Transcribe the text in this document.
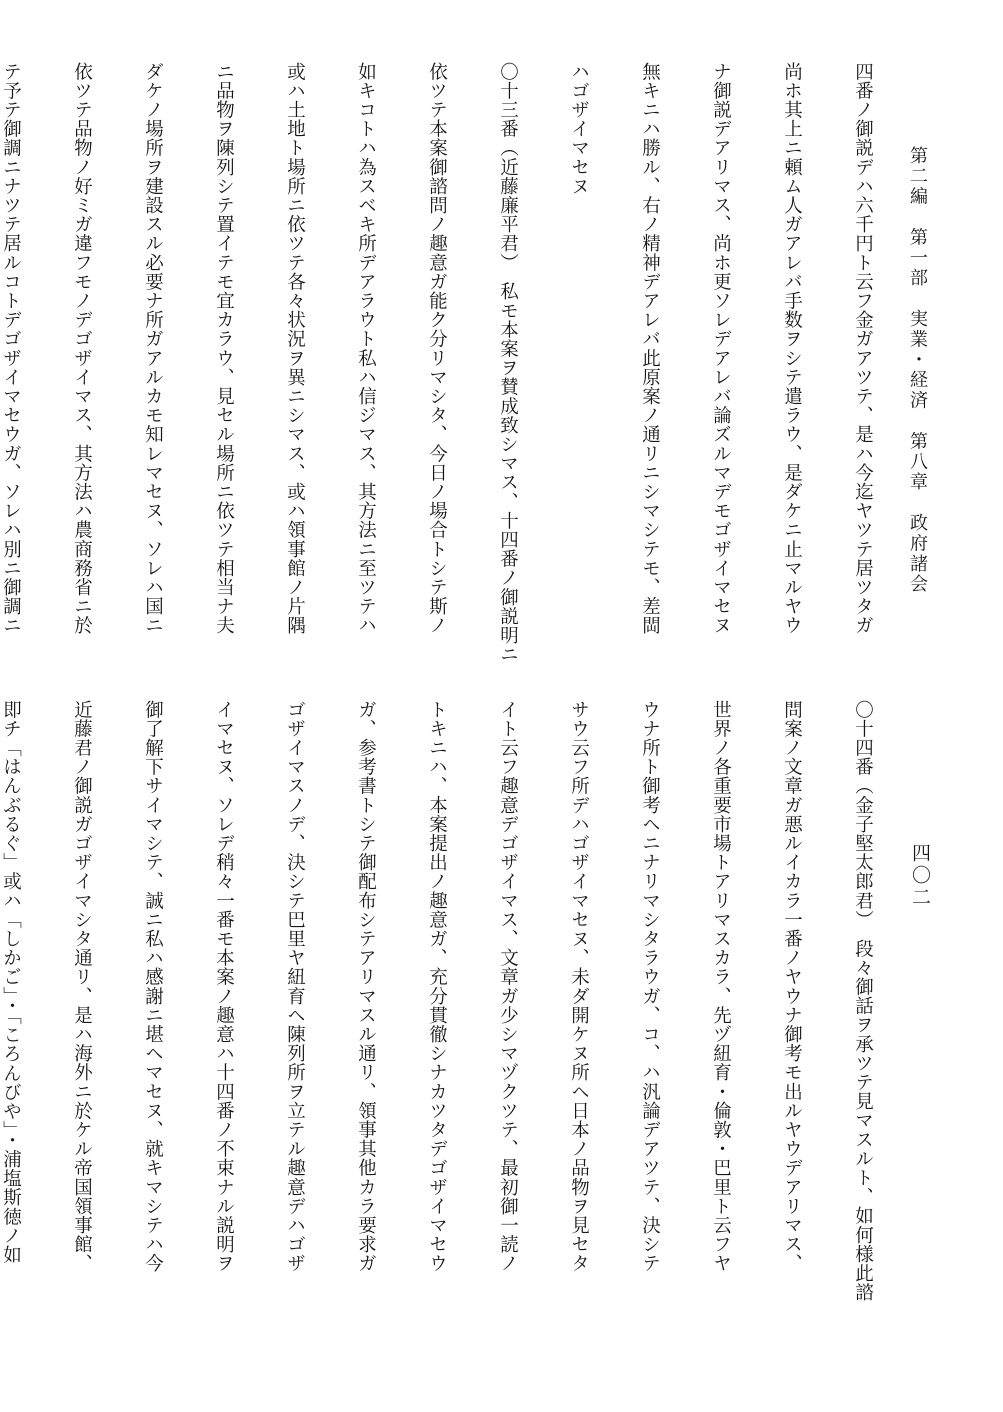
第二編　第一部　実業・経済　第八章　政府諸会
四〇二

四番ノ御説デハ六千円ト云フ金ガアツテ、是ハ今迄ヤツテ居ツタガ

尚ホ其上ニ頼ム人ガアレバ手数ヲシテ遣ラウ、是ダケニ止マルヤウ

ナ御説デアリマス、尚ホ更ソレデアレバ論ズルマデモゴザイマセヌ

無キニハ勝ル、右ノ精神デアレバ此原案ノ通リニシマシテモ、差閊

ハゴザイマセヌ

〇十三番（近藤廉平君）　私モ本案ヲ賛成致シマス、十四番ノ御説明ニ

依ツテ本案御諮問ノ趣意ガ能ク分リマシタ、今日ノ場合トシテ斯ノ

如キコトハ為スベキ所デアラウト私ハ信ジマス、其方法ニ至ツテハ

或ハ土地ト場所ニ依ツテ各々状況ヲ異ニシマス、或ハ領事館ノ片隅

ニ品物ヲ陳列シテ置イテモ宜カラウ、見セル場所ニ依ツテ相当ナ夫

ダケノ場所ヲ建設スル必要ナ所ガアルカモ知レマセヌ、ソレハ国ニ

依ツテ品物ノ好ミガ違フモノデゴザイマス、其方法ハ農商務省ニ於

テ予テ御調ニナツテ居ルコトデゴザイマセウガ、ソレハ別ニ御調ニ

〇十四番（金子堅太郎君）　段々御話ヲ承ツテ見マスルト、如何様此諮

問案ノ文章ガ悪ルイカラ一番ノヤウナ御考モ出ルヤウデアリマス、

世界ノ各重要市場トアリマスカラ、先ヅ紐育・倫敦・巴里ト云フヤ

ウナ所ト御考ヘニナリマシタラウガ、コ、ハ汎論デアツテ、決シテ

サウ云フ所デハゴザイマセヌ、未ダ開ケヌ所ヘ日本ノ品物ヲ見セタ

イト云フ趣意デゴザイマス、文章ガ少シマヅクツテ、最初御一読ノ

トキニハ、本案提出ノ趣意ガ、充分貫徹シナカツタデゴザイマセウ

ガ、参考書トシテ御配布シテアリマスル通リ、領事其他カラ要求ガ

ゴザイマスノデ、決シテ巴里ヤ紐育ヘ陳列所ヲ立テル趣意デハゴザ

イマセヌ、ソレデ稍々一番モ本案ノ趣意ハ十四番ノ不束ナル説明ヲ

御了解下サイマシテ、誠ニ私ハ感謝ニ堪ヘマセヌ、就キマシテハ今

近藤君ノ御説ガゴザイマシタ通リ、是ハ海外ニ於ケル帝国領事館、

即チ「はんぶるぐ」或ハ「しかご」・「ころんびや」・浦塩斯徳ノ如
